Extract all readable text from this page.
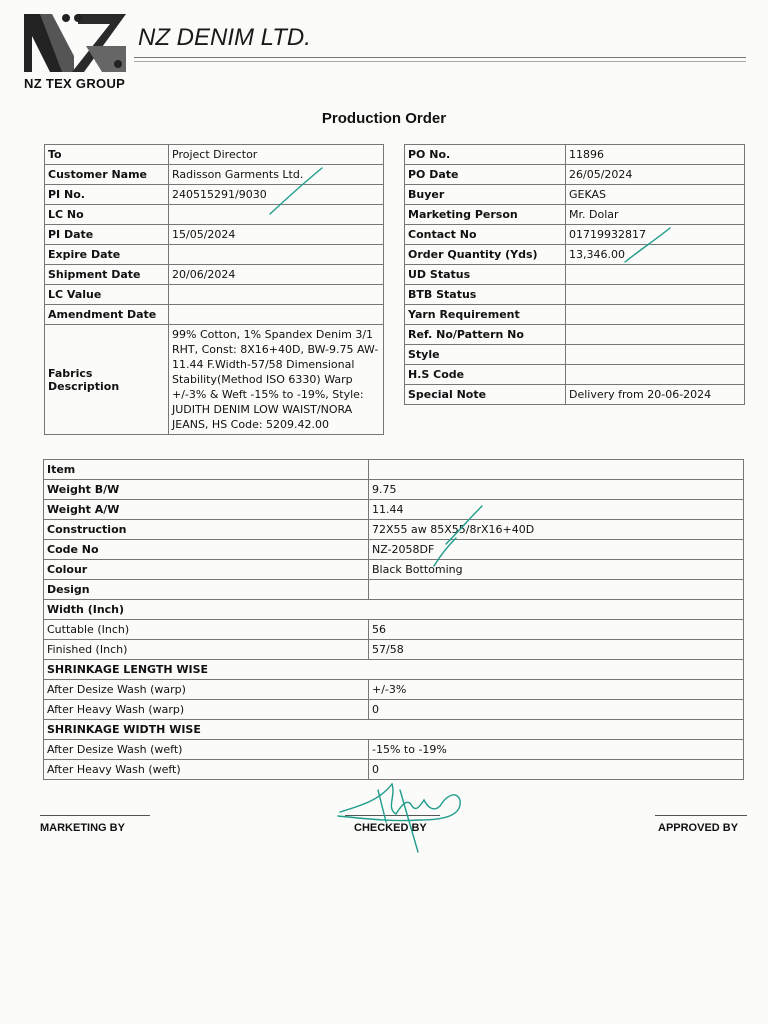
NZ TEX GROUP
NZ DENIM LTD.
Production Order
To	Project Director
Customer Name	Radisson Garments Ltd.
PI No.	240515291/9030
LC No	
PI Date	15/05/2024
Expire Date	
Shipment Date	20/06/2024
LC Value	
Amendment Date	
Fabrics Description	99% Cotton, 1% Spandex Denim 3/1 RHT, Const: 8X16+40D, BW-9.75 AW-11.44 F.Width-57/58 Dimensional Stability(Method ISO 6330) Warp +/-3% & Weft -15% to -19%, Style: JUDITH DENIM LOW WAIST/NORA JEANS, HS Code: 5209.42.00
PO No.	11896
PO Date	26/05/2024
Buyer	GEKAS
Marketing Person	Mr. Dolar
Contact No	01719932817
Order Quantity (Yds)	13,346.00
UD Status	
BTB Status	
Yarn Requirement	
Ref. No/Pattern No	
Style	
H.S Code	
Special Note	Delivery from 20-06-2024
Item	
Weight B/W	9.75
Weight A/W	11.44
Construction	72X55 aw 85X55/8rX16+40D
Code No	NZ-2058DF
Colour	Black Bottoming
Design	
Width (Inch)	
Cuttable (Inch)	56
Finished (Inch)	57/58
SHRINKAGE LENGTH WISE	
After Desize Wash (warp)	+/-3%
After Heavy Wash (warp)	0
SHRINKAGE WIDTH WISE	
After Desize Wash (weft)	-15% to -19%
After Heavy Wash (weft)	0
MARKETING BY	CHECKED BY	APPROVED BY
